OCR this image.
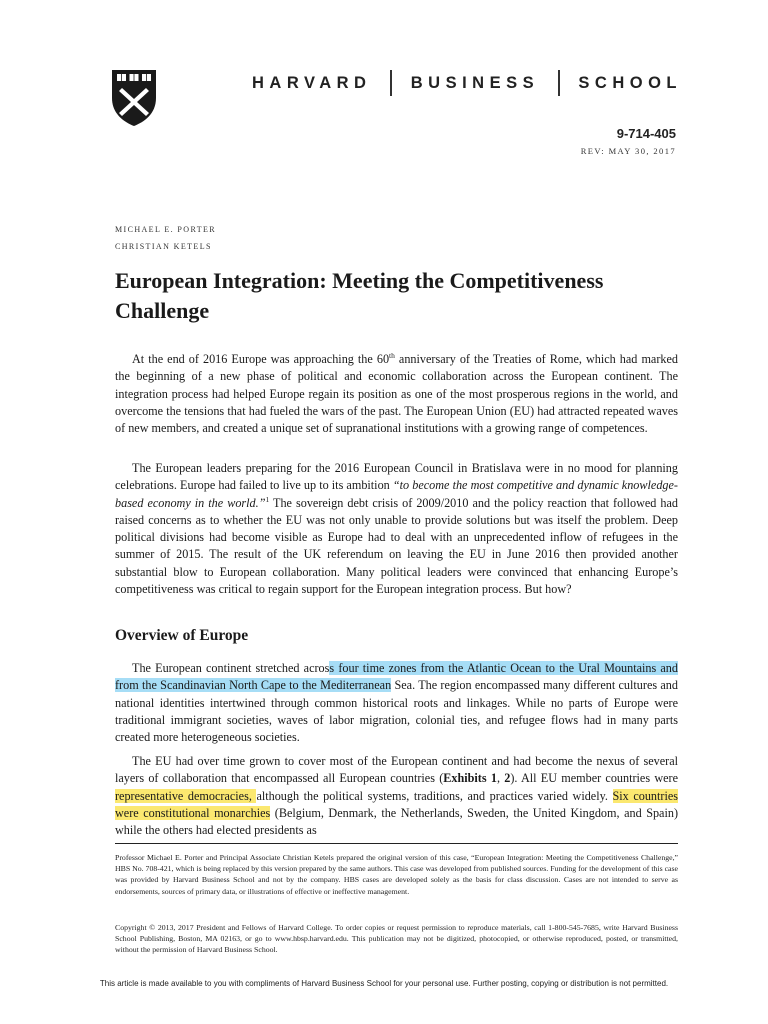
HARVARD BUSINESS SCHOOL
9-714-405
REV: MAY 30, 2017
MICHAEL E. PORTER
CHRISTIAN KETELS
European Integration: Meeting the Competitiveness Challenge
At the end of 2016 Europe was approaching the 60th anniversary of the Treaties of Rome, which had marked the beginning of a new phase of political and economic collaboration across the European continent. The integration process had helped Europe regain its position as one of the most prosperous regions in the world, and overcome the tensions that had fueled the wars of the past. The European Union (EU) had attracted repeated waves of new members, and created a unique set of supranational institutions with a growing range of competences.
The European leaders preparing for the 2016 European Council in Bratislava were in no mood for planning celebrations. Europe had failed to live up to its ambition “to become the most competitive and dynamic knowledge-based economy in the world.”$^1$ The sovereign debt crisis of 2009/2010 and the policy reaction that followed had raised concerns as to whether the EU was not only unable to provide solutions but was itself the problem. Deep political divisions had become visible as Europe had to deal with an unprecedented inflow of refugees in the summer of 2015. The result of the UK referendum on leaving the EU in June 2016 then provided another substantial blow to European collaboration. Many political leaders were convinced that enhancing Europe’s competitiveness was critical to regain support for the European integration process. But how?
Overview of Europe
The European continent stretched across four time zones from the Atlantic Ocean to the Ural Mountains and from the Scandinavian North Cape to the Mediterranean Sea. The region encompassed many different cultures and national identities intertwined through common historical roots and linkages. While no parts of Europe were traditional immigrant societies, waves of labor migration, colonial ties, and refugee flows had in many parts created more heterogeneous societies.
The EU had over time grown to cover most of the European continent and had become the nexus of several layers of collaboration that encompassed all European countries (Exhibits 1, 2). All EU member countries were representative democracies, although the political systems, traditions, and practices varied widely. Six countries were constitutional monarchies (Belgium, Denmark, the Netherlands, Sweden, the United Kingdom, and Spain) while the others had elected presidents as
Professor Michael E. Porter and Principal Associate Christian Ketels prepared the original version of this case, “European Integration: Meeting the Competitiveness Challenge,” HBS No. 708-421, which is being replaced by this version prepared by the same authors. This case was developed from published sources. Funding for the development of this case was provided by Harvard Business School and not by the company. HBS cases are developed solely as the basis for class discussion. Cases are not intended to serve as endorsements, sources of primary data, or illustrations of effective or ineffective management.
Copyright © 2013, 2017 President and Fellows of Harvard College. To order copies or request permission to reproduce materials, call 1-800-545-7685, write Harvard Business School Publishing, Boston, MA 02163, or go to www.hbsp.harvard.edu. This publication may not be digitized, photocopied, or otherwise reproduced, posted, or transmitted, without the permission of Harvard Business School.
This article is made available to you with compliments of Harvard Business School for your personal use. Further posting, copying or distribution is not permitted.
